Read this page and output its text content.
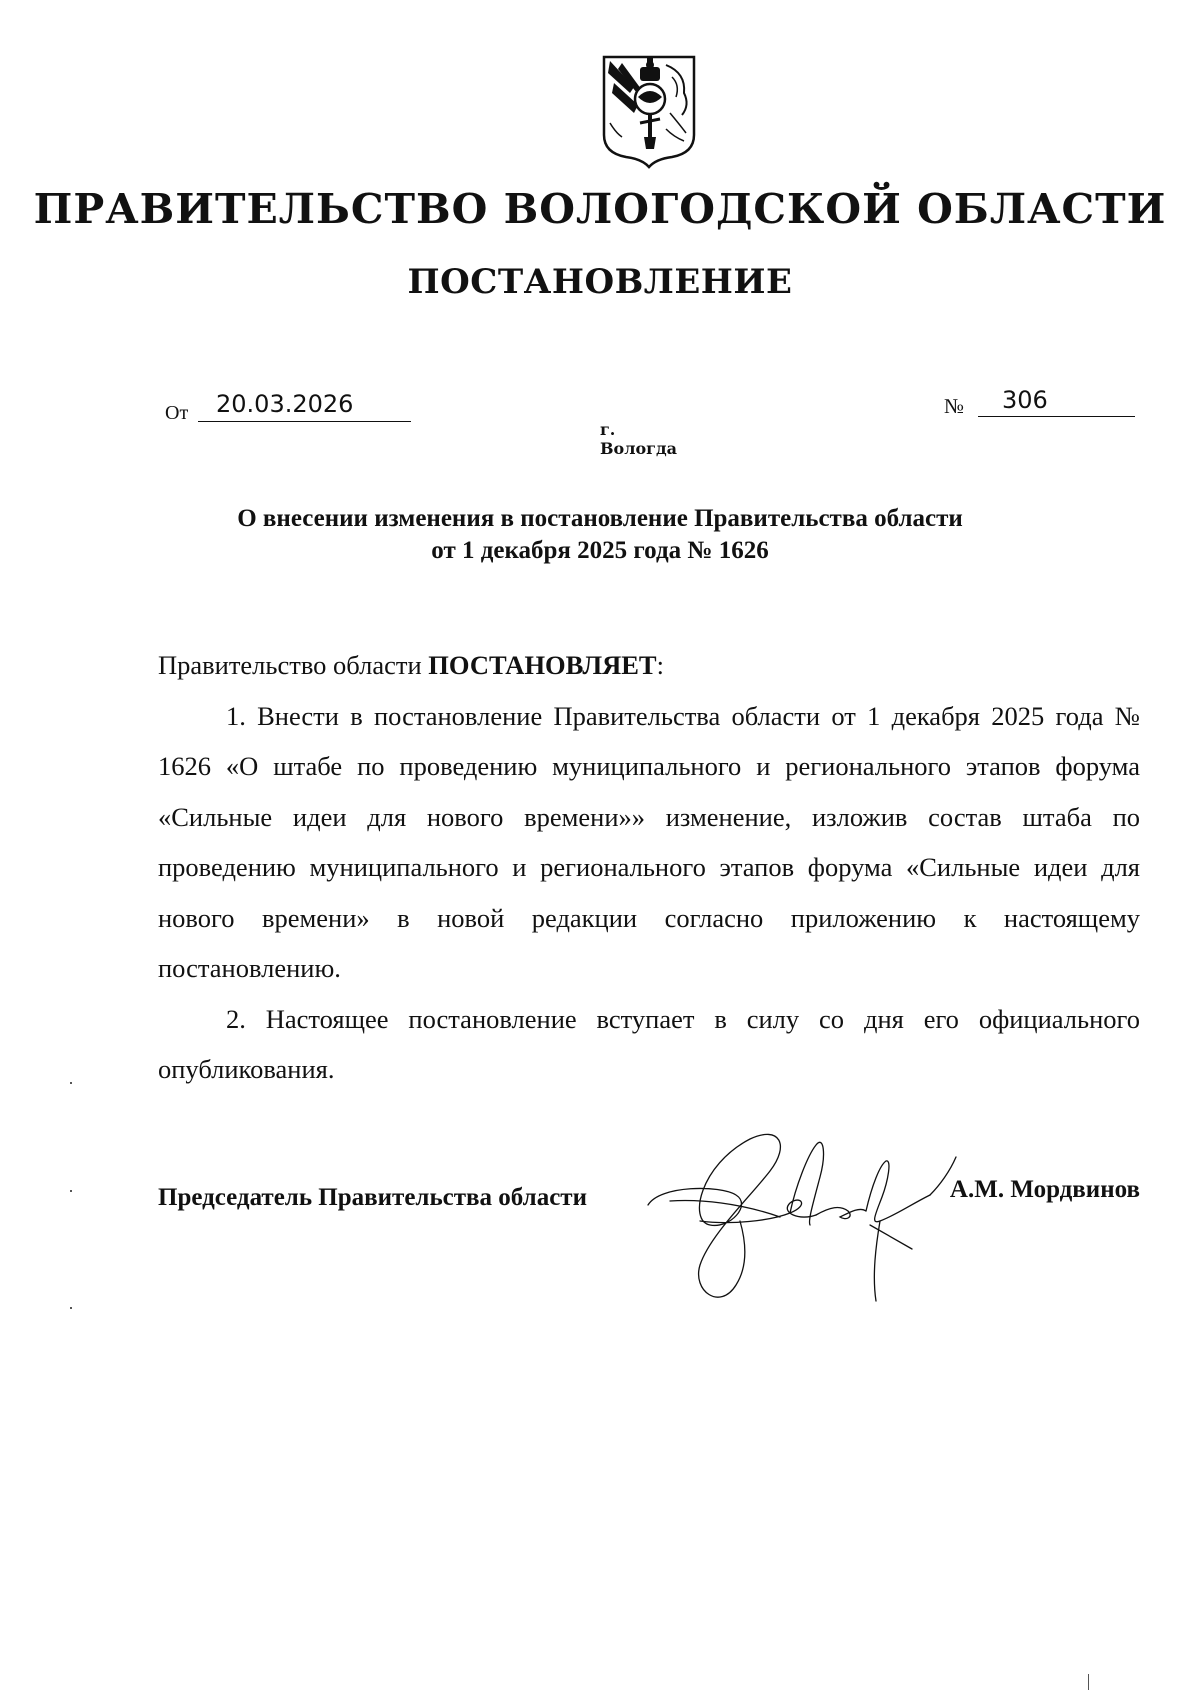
ПРАВИТЕЛЬСТВО ВОЛОГОДСКОЙ ОБЛАСТИ
ПОСТАНОВЛЕНИЕ
От	20.03.2026	№	306
г. Вологда
О внесении изменения в постановление Правительства области
от 1 декабря 2025 года № 1626

Правительство области ПОСТАНОВЛЯЕТ:

1. Внести в постановление Правительства области от 1 декабря 2025 года № 1626 «О штабе по проведению муниципального и регионального этапов форума «Сильные идеи для нового времени»» изменение, изложив состав штаба по проведению муниципального и регионального этапов форума «Сильные идеи для нового времени» в новой редакции согласно приложению к настоящему постановлению.

2. Настоящее постановление вступает в силу со дня его официального опубликования.

Председатель Правительства области	А.М. Мордвинов
